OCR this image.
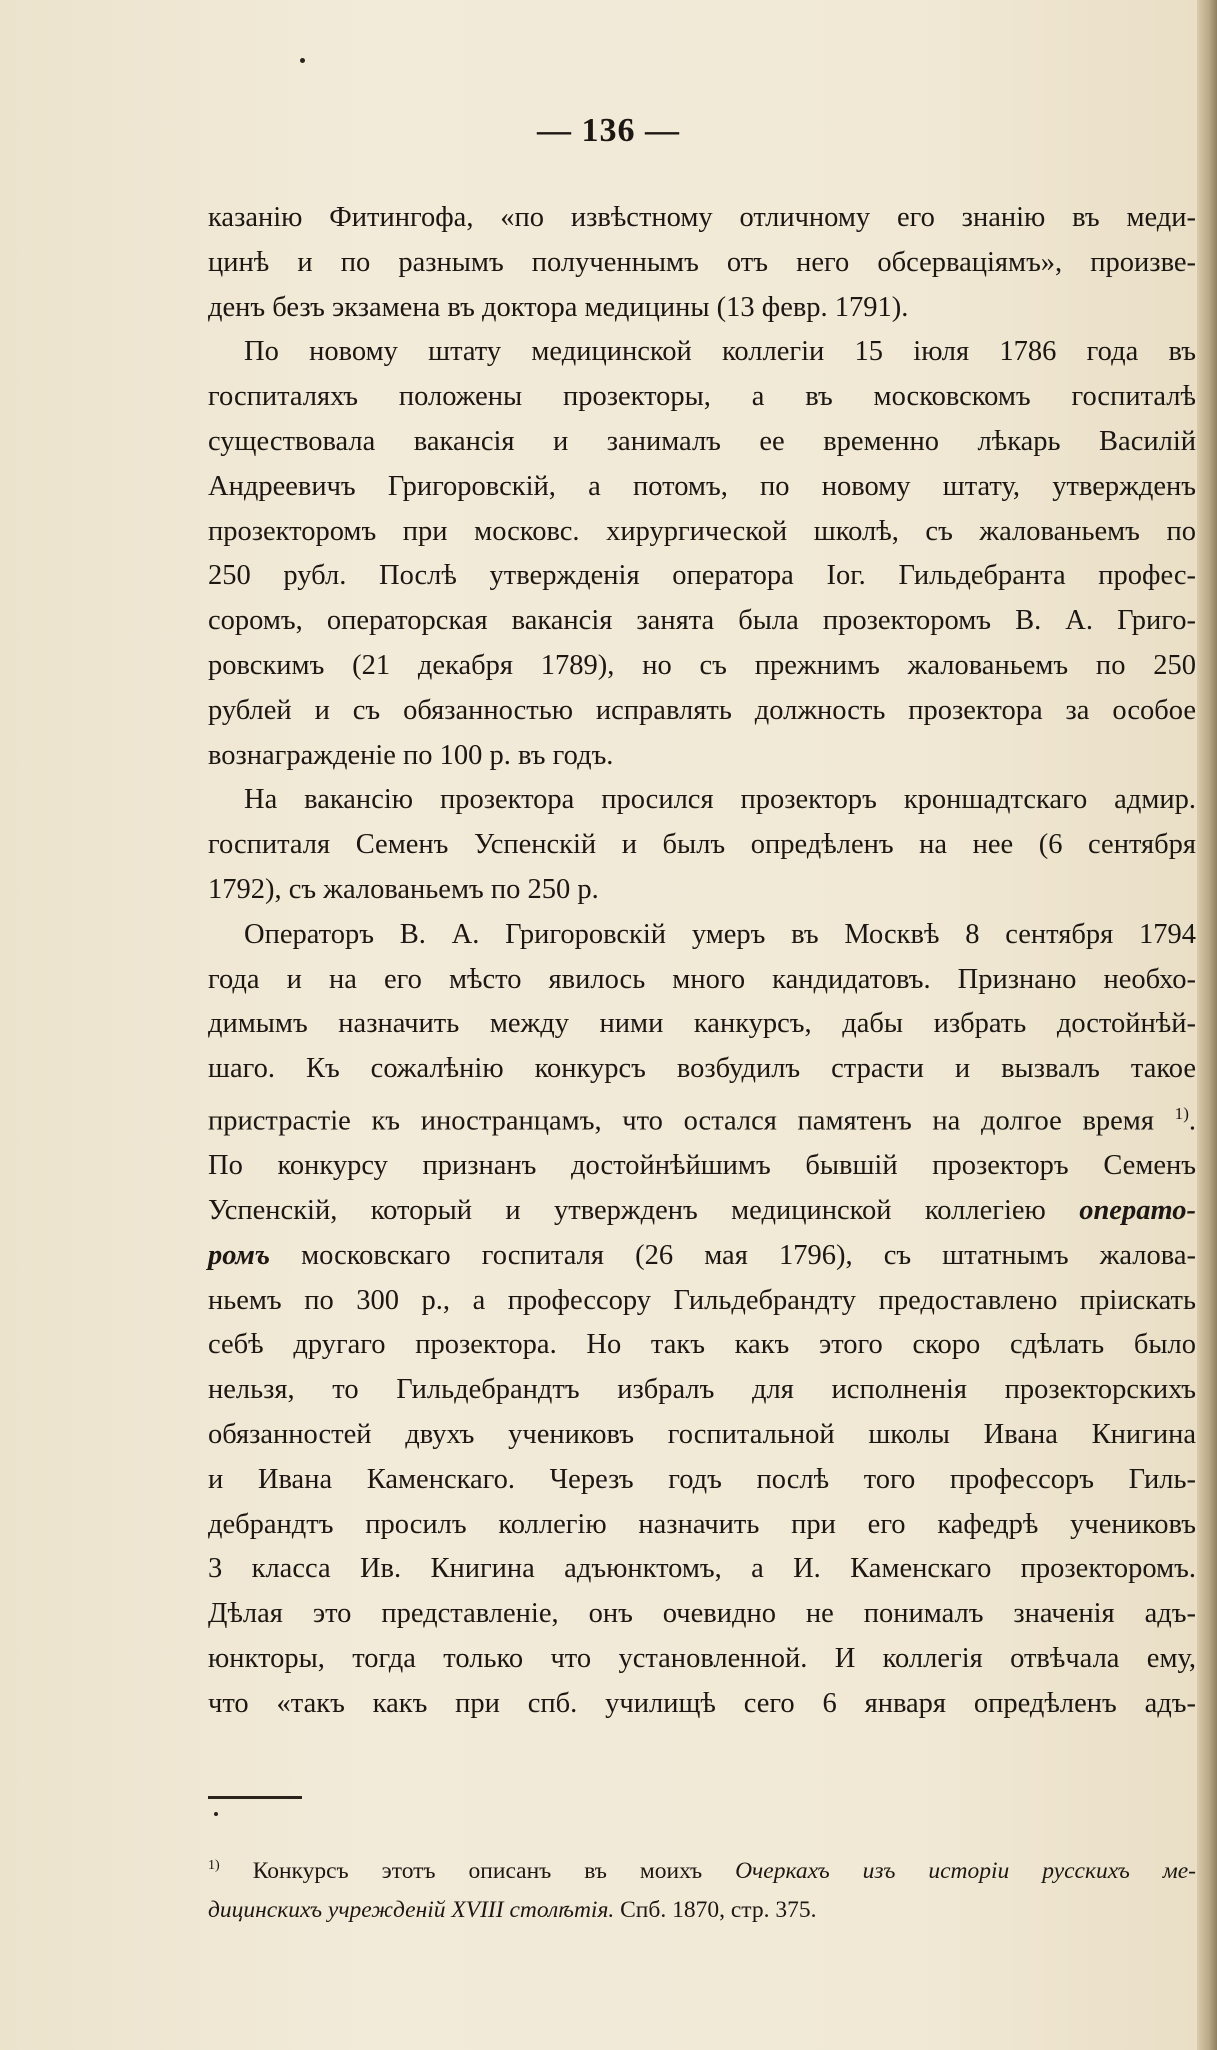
— 136 —

казанію Фитингофа, «по извѣстному отличному его знанію въ меди-
цинѣ и по разнымъ полученнымъ отъ него обсерваціямъ», произве-
денъ безъ экзамена въ доктора медицины (13 февр. 1791).

По новому штату медицинской коллегіи 15 іюля 1786 года въ
госпиталяхъ положены прозекторы, а въ московскомъ госпиталѣ
существовала вакансія и занималъ ее временно лѣкарь Василій
Андреевичъ Григоровскій, а потомъ, по новому штату, утвержденъ
прозекторомъ при московс. хирургической школѣ, съ жалованьемъ по
250 рубл. Послѣ утвержденія оператора Іог. Гильдебранта профес-
соромъ, операторская вакансія занята была прозекторомъ В. А. Григо-
ровскимъ (21 декабря 1789), но съ прежнимъ жалованьемъ по 250
рублей и съ обязанностью исправлять должность прозектора за особое
вознагражденіе по 100 р. въ годъ.

На вакансію прозектора просился прозекторъ кроншадтскаго адмир.
госпиталя Семенъ Успенскій и былъ опредѣленъ на нее (6 сентября
1792), съ жалованьемъ по 250 р.

Операторъ В. А. Григоровскій умеръ въ Москвѣ 8 сентября 1794
года и на его мѣсто явилось много кандидатовъ. Признано необхо-
димымъ назначить между ними канкурсъ, дабы избрать достойнѣй-
шаго. Къ сожалѣнію конкурсъ возбудилъ страсти и вызвалъ такое
пристрастіе къ иностранцамъ, что остался памятенъ на долгое время $^{1)}$.
По конкурсу признанъ достойнѣйшимъ бывшій прозекторъ Семенъ
Успенскій, который и утвержденъ медицинской коллегіею операто-
ромъ московскаго госпиталя (26 мая 1796), съ штатнымъ жалова-
ньемъ по 300 р., а профессору Гильдебрандту предоставлено пріискать
себѣ другаго прозектора. Но такъ какъ этого скоро сдѣлать было
нельзя, то Гильдебрандтъ избралъ для исполненія прозекторскихъ
обязанностей двухъ учениковъ госпитальной школы Ивана Книгина
и Ивана Каменскаго. Черезъ годъ послѣ того профессоръ Гиль-
дебрандтъ просилъ коллегію назначить при его кафедрѣ учениковъ
3 класса Ив. Книгина адъюнктомъ, а И. Каменскаго прозекторомъ.
Дѣлая это представленіе, онъ очевидно не понималъ значенія адъ-
юнкторы, тогда только что установленной. И коллегія отвѣчала ему,
что «такъ какъ при спб. училищѣ сего 6 января опредѣленъ адъ-

$^{1)}$ Конкурсъ этотъ описанъ въ моихъ Очеркахъ изъ исторіи русскихъ ме-
дицинскихъ учрежденій XVIII столѣтія. Спб. 1870, стр. 375.
